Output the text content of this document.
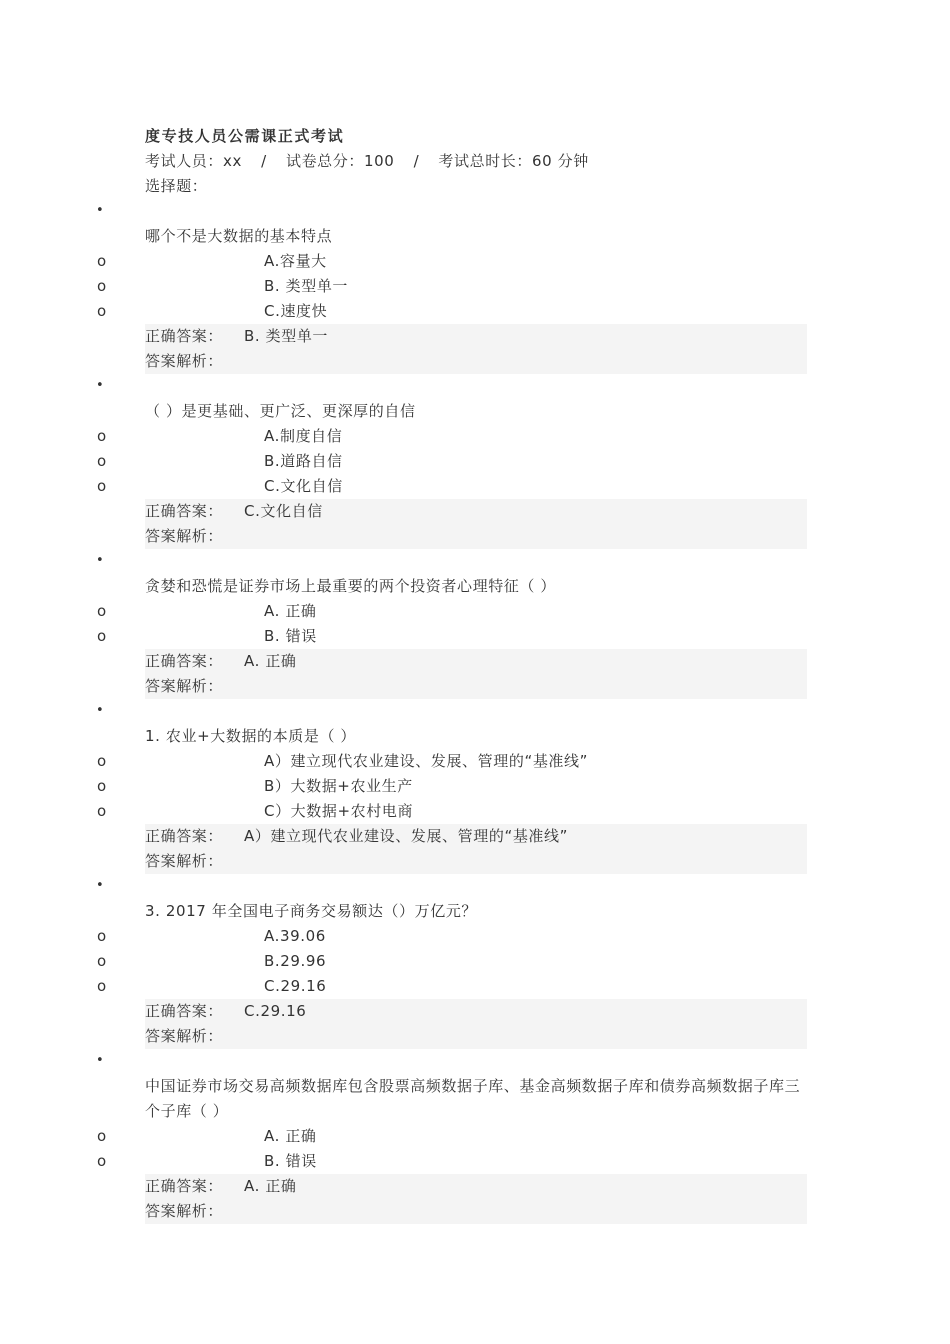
度专技人员公需课正式考试
考试人员：xx / 试卷总分：100 / 考试总时长：60 分钟
选择题：
•
哪个不是大数据的基本特点
o	A.容量大
o	B. 类型单一
o	C.速度快
正确答案： B. 类型单一
答案解析：
•
（ ）是更基础、更广泛、更深厚的自信
o	A.制度自信
o	B.道路自信
o	C.文化自信
正确答案： C.文化自信
答案解析：
•
贪婪和恐慌是证券市场上最重要的两个投资者心理特征（ ）
o	A. 正确
o	B. 错误
正确答案： A. 正确
答案解析：
•
1. 农业+大数据的本质是（ ）
o	A）建立现代农业建设、发展、管理的“基准线”
o	B）大数据+农业生产
o	C）大数据+农村电商
正确答案： A）建立现代农业建设、发展、管理的“基准线”
答案解析：
•
3. 2017 年全国电子商务交易额达（）万亿元？
o	A.39.06
o	B.29.96
o	C.29.16
正确答案： C.29.16
答案解析：
•
中国证券市场交易高频数据库包含股票高频数据子库、基金高频数据子库和债券高频数据子库三个子库（ ）
o	A. 正确
o	B. 错误
正确答案： A. 正确
答案解析：
